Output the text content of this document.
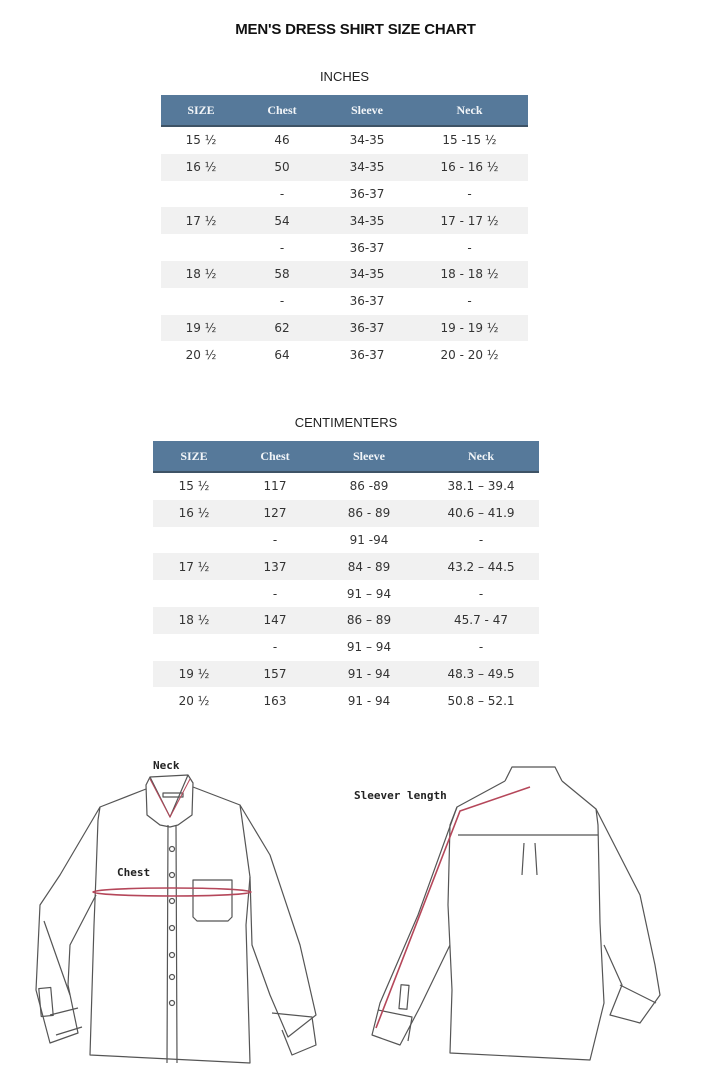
MEN'S DRESS SHIRT SIZE CHART
INCHES
SIZE	Chest	Sleeve	Neck
15 ½	46	34-35	15 -15 ½
16 ½	50	34-35	16 - 16 ½
	-	36-37	-
17 ½	54	34-35	17 - 17 ½
	-	36-37	-
18 ½	58	34-35	18 - 18 ½
	-	36-37	-
19 ½	62	36-37	19 - 19 ½
20 ½	64	36-37	20 - 20 ½
CENTIMENTERS
SIZE	Chest	Sleeve	Neck
15 ½	117	86 -89	38.1 – 39.4
16 ½	127	86 - 89	40.6 – 41.9
	-	91 -94	-
17 ½	137	84 - 89	43.2 – 44.5
	-	91 – 94	-
18 ½	147	86 – 89	45.7 - 47
	-	91 – 94	-
19 ½	157	91 - 94	48.3 – 49.5
20 ½	163	91 - 94	50.8 – 52.1
Neck
Chest
Sleever length
